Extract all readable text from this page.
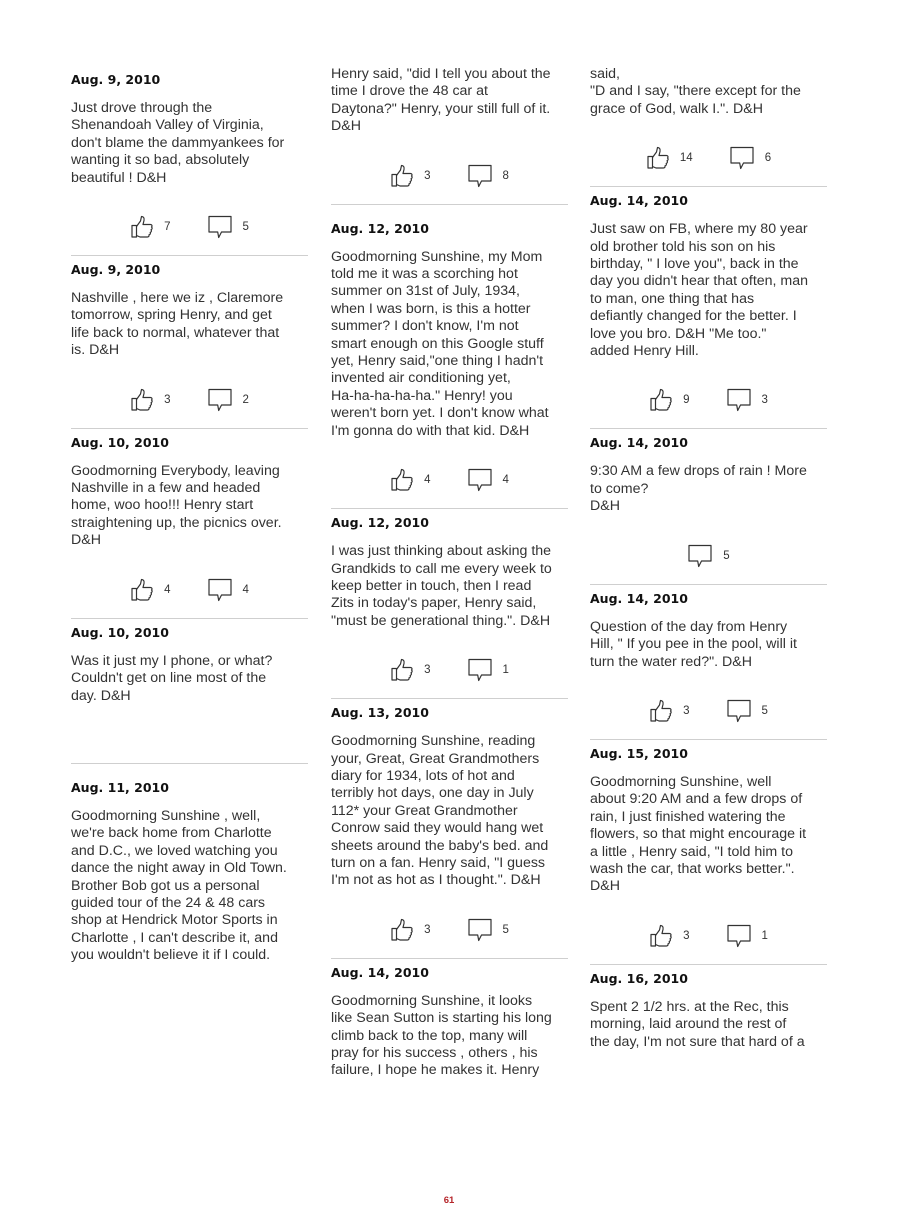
Aug. 9, 2010
Just drove through the
Shenandoah Valley of Virginia,
don't blame the dammyankees for
wanting it so bad, absolutely
beautiful ! D&H
7	5
Aug. 9, 2010
Nashville , here we iz , Claremore
tomorrow, spring Henry, and get
life back to normal, whatever that
is. D&H
3	2
Aug. 10, 2010
Goodmorning Everybody, leaving
Nashville in a few and headed
home, woo hoo!!! Henry start
straightening up, the picnics over.
D&H
4	4
Aug. 10, 2010
Was it just my I phone, or what?
Couldn't get on line most of the
day. D&H
Aug. 11, 2010
Goodmorning Sunshine , well,
we're back home from Charlotte
and D.C., we loved watching you
dance the night away in Old Town.
Brother Bob got us a personal
guided tour of the 24 & 48 cars
shop at Hendrick Motor Sports in
Charlotte , I can't describe it, and
you wouldn't believe it if I could.
Henry said, "did I tell you about the
time I drove the 48 car at
Daytona?" Henry, your still full of it.
D&H
3	8
Aug. 12, 2010
Goodmorning Sunshine, my Mom
told me it was a scorching hot
summer on 31st of July, 1934,
when I was born, is this a hotter
summer? I don't know, I'm not
smart enough on this Google stuff
yet, Henry said,"one thing I hadn't
invented air conditioning yet,
Ha-ha-ha-ha-ha." Henry! you
weren't born yet. I don't know what
I'm gonna do with that kid. D&H
4	4
Aug. 12, 2010
I was just thinking about asking the
Grandkids to call me every week to
keep better in touch, then I read
Zits in today's paper, Henry said,
"must be generational thing.". D&H
3	1
Aug. 13, 2010
Goodmorning Sunshine, reading
your, Great, Great Grandmothers
diary for 1934, lots of hot and
terribly hot days, one day in July
112* your Great Grandmother
Conrow said they would hang wet
sheets around the baby's bed. and
turn on a fan. Henry said, "I guess
I'm not as hot as I thought.". D&H
3	5
Aug. 14, 2010
Goodmorning Sunshine, it looks
like Sean Sutton is starting his long
climb back to the top, many will
pray for his success , others , his
failure, I hope he makes it. Henry
said,
"D and I say, "there except for the
grace of God, walk I.". D&H
14	6
Aug. 14, 2010
Just saw on FB, where my 80 year
old brother told his son on his
birthday, " I love you", back in the
day you didn't hear that often, man
to man, one thing that has
defiantly changed for the better. I
love you bro. D&H "Me too."
added Henry Hill.
9	3
Aug. 14, 2010
9:30 AM a few drops of rain ! More
to come?
D&H
5
Aug. 14, 2010
Question of the day from Henry
Hill, " If you pee in the pool, will it
turn the water red?". D&H
3	5
Aug. 15, 2010
Goodmorning Sunshine, well
about 9:20 AM and a few drops of
rain, I just finished watering the
flowers, so that might encourage it
a little , Henry said, "I told him to
wash the car, that works better.".
D&H
3	1
Aug. 16, 2010
Spent 2 1/2 hrs. at the Rec, this
morning, laid around the rest of
the day, I'm not sure that hard of a
61
